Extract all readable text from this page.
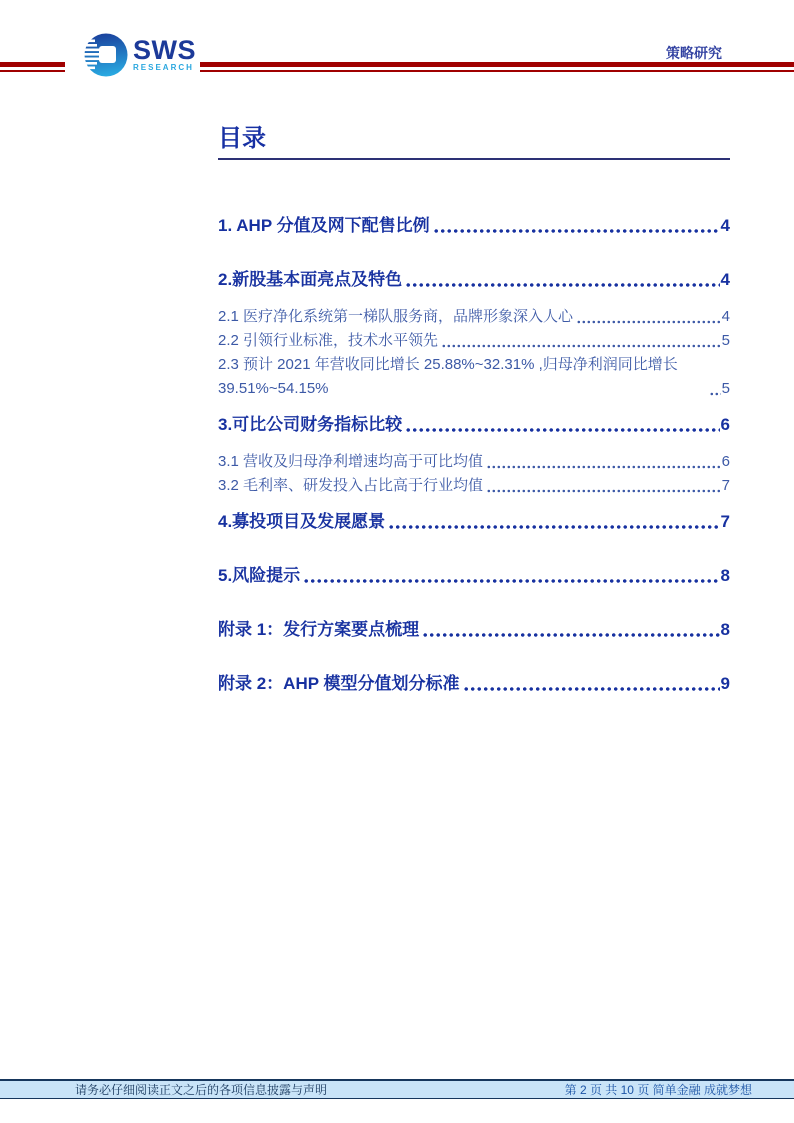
SWS
RESEARCH
策略研究
目录
1. AHP 分值及网下配售比例	4
2.新股基本面亮点及特色	4
2.1 医疗净化系统第一梯队服务商，品牌形象深入人心	4
2.2 引领行业标准，技术水平领先	5
2.3 预计 2021 年营收同比增长 25.88%~32.31% ,归母净利润同比增长 39.51%~54.15%	5
3.可比公司财务指标比较	6
3.1 营收及归母净利增速均高于可比均值	6
3.2 毛利率、研发投入占比高于行业均值	7
4.募投项目及发展愿景	7
5.风险提示	8
附录 1：发行方案要点梳理	8
附录 2：AHP 模型分值划分标准	9
请务必仔细阅读正文之后的各项信息披露与声明	第 2 页 共 10 页 简单金融 成就梦想
